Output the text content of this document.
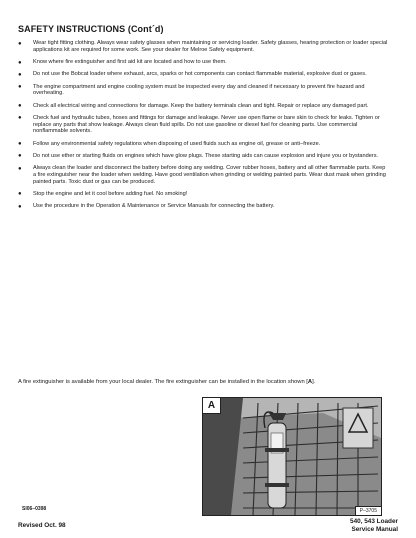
SAFETY INSTRUCTIONS (Cont´d)
● Wear tight fitting clothing. Always wear safety glasses when maintaining or servicing loader. Safety glasses, hearing protection or loader special applications kit are required for some work. See your dealer for Melroe Safety equipment.
● Know where fire extinguisher and first aid kit are located and how to use them.
● Do not use the Bobcat loader where exhaust, arcs, sparks or hot components can contact flammable material, explosive dust or gases.
● The engine compartment and engine cooling system must be inspected every day and cleaned if necessary to prevent fire hazard and overheating.
● Check all electrical wiring and connections for damage. Keep the battery terminals clean and tight. Repair or replace any damaged part.
● Check fuel and hydraulic tubes, hoses and fittings for damage and leakage. Never use open flame or bare skin to check for leaks. Tighten or replace any parts that show leakage. Always clean fluid spills. Do not use gasoline or diesel fuel for cleaning parts. Use commercial nonflammable solvents.
● Follow any environmental safety regulations when disposing of used fluids such as engine oil, grease or anti–freeze.
● Do not use ether or starting fluids on engines which have glow plugs. These starting aids can cause explosion and injure you or bystanders.
● Always clean the loader and disconnect the battery before doing any welding. Cover rubber hoses, battery and all other flammable parts. Keep a fire extinguisher near the loader when welding. Have good ventilation when grinding or welding painted parts. Wear dust mask when grinding painted parts. Toxic dust or gas can be produced.
● Stop the engine and let it cool before adding fuel. No smoking!
● Use the procedure in the Operation & Maintenance or Service Manuals for connecting the battery.
A fire extinguisher is available from your local dealer. The fire extinguisher can be installed in the location shown [A].
A
P–3705
SI06–0398
Revised Oct. 98
540, 543 Loader
Service Manual
